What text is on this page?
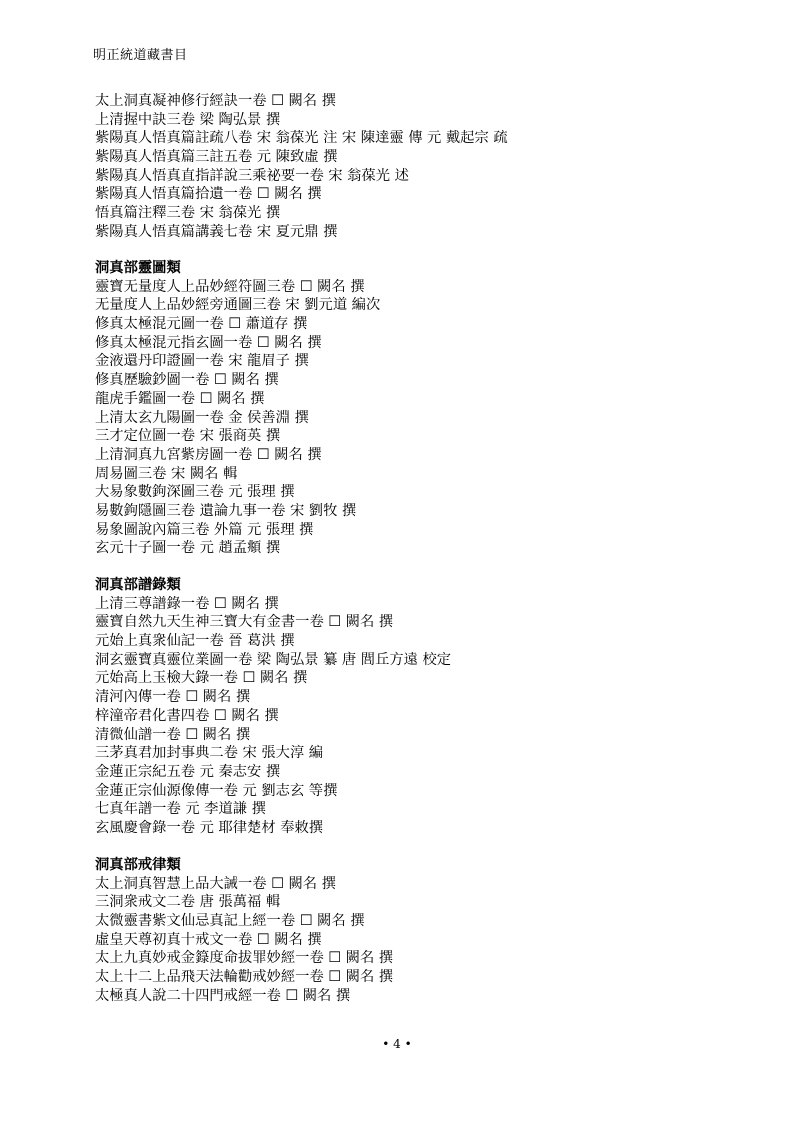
明正統道藏書目
太上洞真凝神修行經訣一卷 ☐ 闕名 撰
上清握中訣三卷 梁 陶弘景 撰
紫陽真人悟真篇註疏八卷 宋 翁葆光 注 宋 陳達靈 傳 元 戴起宗 疏
紫陽真人悟真篇三註五卷 元 陳致虛 撰
紫陽真人悟真直指詳說三乘祕要一卷 宋 翁葆光 述
紫陽真人悟真篇拾遺一卷 ☐ 闕名 撰
悟真篇注釋三卷 宋 翁葆光 撰
紫陽真人悟真篇講義七卷 宋 夏元鼎 撰
洞真部靈圖類
靈寶无量度人上品妙經符圖三卷 ☐ 闕名 撰
无量度人上品妙經旁通圖三卷 宋 劉元道 編次
修真太極混元圖一卷 ☐ 蕭道存 撰
修真太極混元指玄圖一卷 ☐ 闕名 撰
金液還丹印證圖一卷 宋 龍眉子 撰
修真歷驗鈔圖一卷 ☐ 闕名 撰
龍虎手鑑圖一卷 ☐ 闕名 撰
上清太玄九陽圖一卷 金 侯善淵 撰
三才定位圖一卷 宋 張商英 撰
上清洞真九宮紫房圖一卷 ☐ 闕名 撰
周易圖三卷 宋 闕名 輯
大易象數鉤深圖三卷 元 張理 撰
易數鉤隱圖三卷 遺論九事一卷 宋 劉牧 撰
易象圖說內篇三卷 外篇 元 張理 撰
玄元十子圖一卷 元 趙孟頫 撰
洞真部譜錄類
上清三尊譜錄一卷 ☐ 闕名 撰
靈寶自然九天生神三寶大有金書一卷 ☐ 闕名 撰
元始上真衆仙記一卷 晉 葛洪 撰
洞玄靈寶真靈位業圖一卷 梁 陶弘景 纂 唐 閭丘方遠 校定
元始高上玉檢大錄一卷 ☐ 闕名 撰
清河內傳一卷 ☐ 闕名 撰
梓潼帝君化書四卷 ☐ 闕名 撰
清微仙譜一卷 ☐ 闕名 撰
三茅真君加封事典二卷 宋 張大淳 編
金蓮正宗紀五卷 元 秦志安 撰
金蓮正宗仙源像傳一卷 元 劉志玄 等撰
七真年譜一卷 元 李道謙 撰
玄風慶會錄一卷 元 耶律楚材 奉敕撰
洞真部戒律類
太上洞真智慧上品大誡一卷 ☐ 闕名 撰
三洞衆戒文二卷 唐 張萬福 輯
太微靈書紫文仙忌真記上經一卷 ☐ 闕名 撰
虛皇天尊初真十戒文一卷 ☐ 闕名 撰
太上九真妙戒金籙度命拔罪妙經一卷 ☐ 闕名 撰
太上十二上品飛天法輪勸戒妙經一卷 ☐ 闕名 撰
太極真人說二十四門戒經一卷 ☐ 闕名 撰
• 4 •
